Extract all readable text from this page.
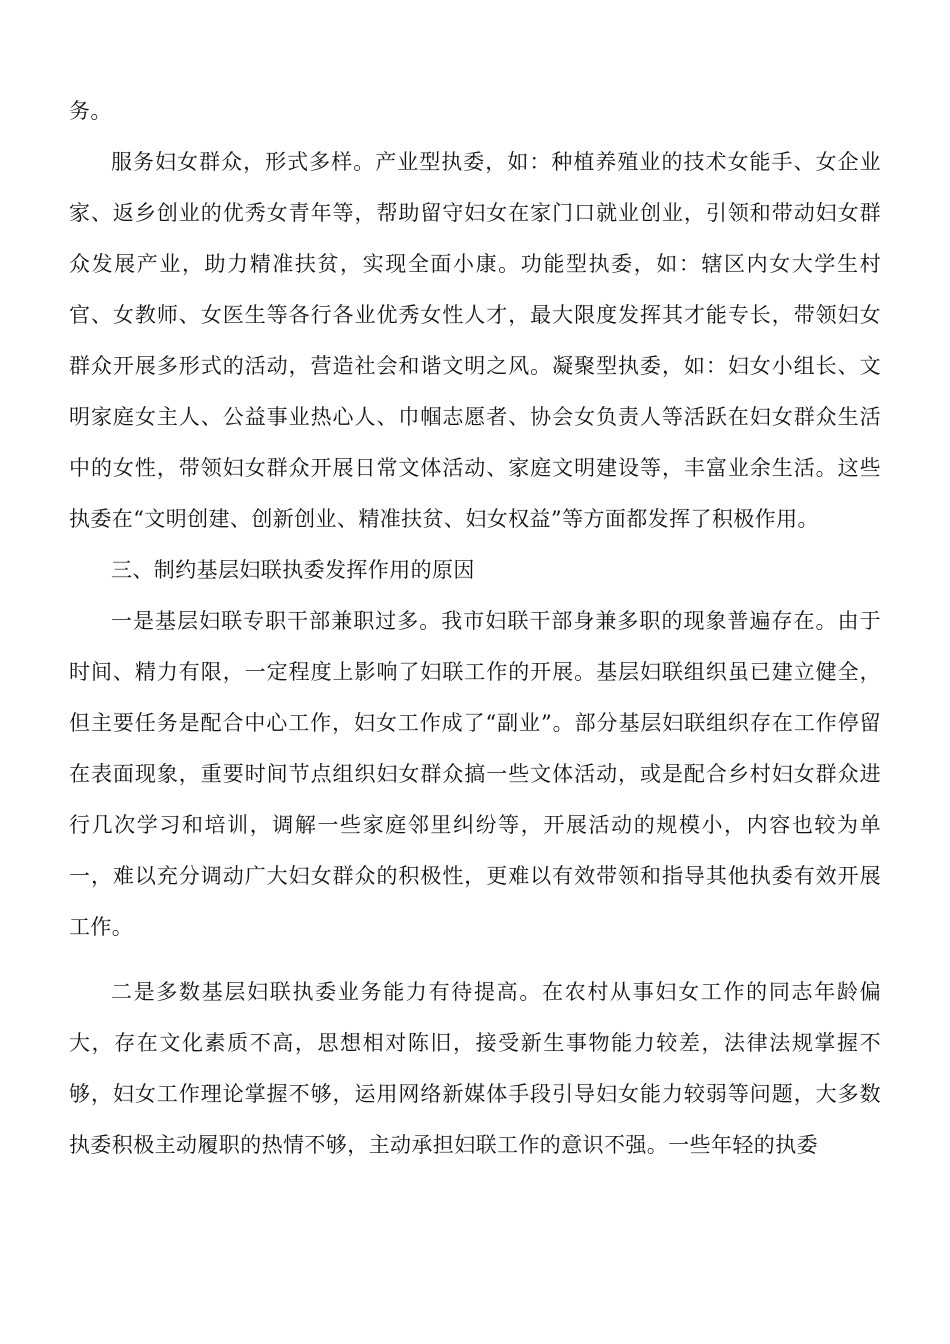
务。

服务妇女群众，形式多样。产业型执委，如：种植养殖业的技术女能手、女企业家、返乡创业的优秀女青年等，帮助留守妇女在家门口就业创业，引领和带动妇女群众发展产业，助力精准扶贫，实现全面小康。功能型执委，如：辖区内女大学生村官、女教师、女医生等各行各业优秀女性人才，最大限度发挥其才能专长，带领妇女群众开展多形式的活动，营造社会和谐文明之风。凝聚型执委，如：妇女小组长、文明家庭女主人、公益事业热心人、巾帼志愿者、协会女负责人等活跃在妇女群众生活中的女性，带领妇女群众开展日常文体活动、家庭文明建设等，丰富业余生活。这些执委在“文明创建、创新创业、精准扶贫、妇女权益”等方面都发挥了积极作用。

三、制约基层妇联执委发挥作用的原因

一是基层妇联专职干部兼职过多。我市妇联干部身兼多职的现象普遍存在。由于时间、精力有限，一定程度上影响了妇联工作的开展。基层妇联组织虽已建立健全，但主要任务是配合中心工作，妇女工作成了“副业”。部分基层妇联组织存在工作停留在表面现象，重要时间节点组织妇女群众搞一些文体活动，或是配合乡村妇女群众进行几次学习和培训，调解一些家庭邻里纠纷等，开展活动的规模小，内容也较为单一，难以充分调动广大妇女群众的积极性，更难以有效带领和指导其他执委有效开展工作。

二是多数基层妇联执委业务能力有待提高。在农村从事妇女工作的同志年龄偏大，存在文化素质不高，思想相对陈旧，接受新生事物能力较差，法律法规掌握不够，妇女工作理论掌握不够，运用网络新媒体手段引导妇女能力较弱等问题，大多数执委积极主动履职的热情不够，主动承担妇联工作的意识不强。一些年轻的执委
